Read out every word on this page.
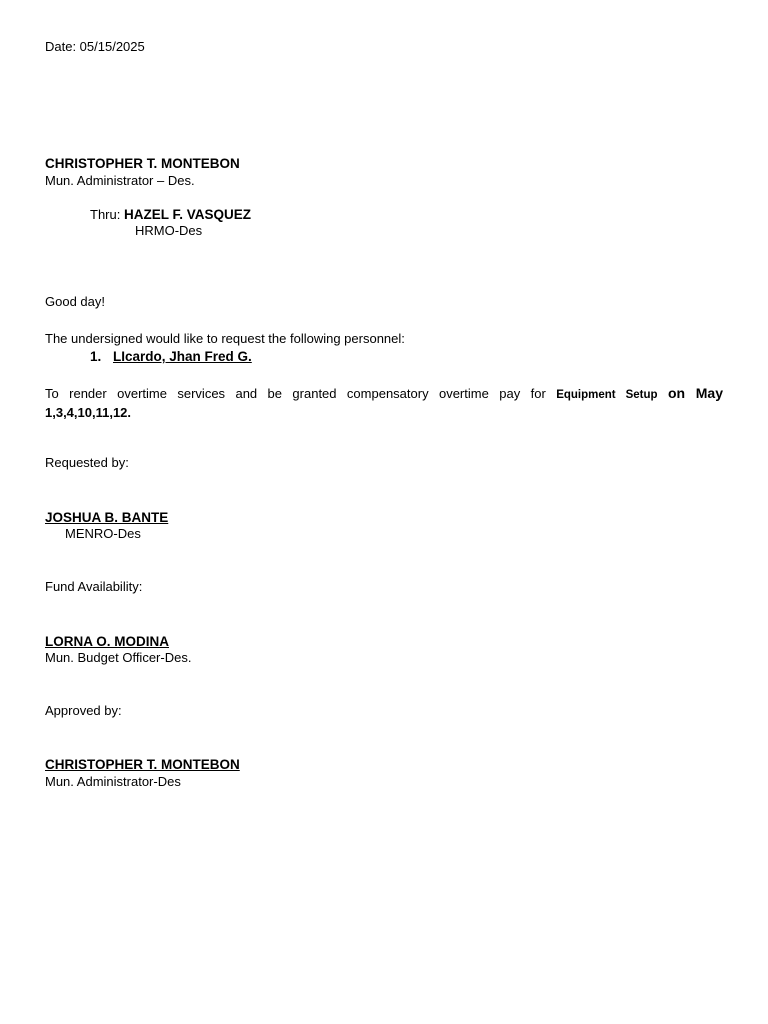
Date: 05/15/2025
CHRISTOPHER T. MONTEBON
Mun. Administrator – Des.
Thru: HAZEL F. VASQUEZ
HRMO-Des
Good day!
The undersigned would like to request the following personnel:
1. LIcardo, Jhan Fred G.
To render overtime services and be granted compensatory overtime pay for Equipment Setup on May
1,3,4,10,11,12.
Requested by:
JOSHUA B. BANTE
MENRO-Des
Fund Availability:
LORNA O. MODINA
Mun. Budget Officer-Des.
Approved by:
CHRISTOPHER T. MONTEBON
Mun. Administrator-Des
